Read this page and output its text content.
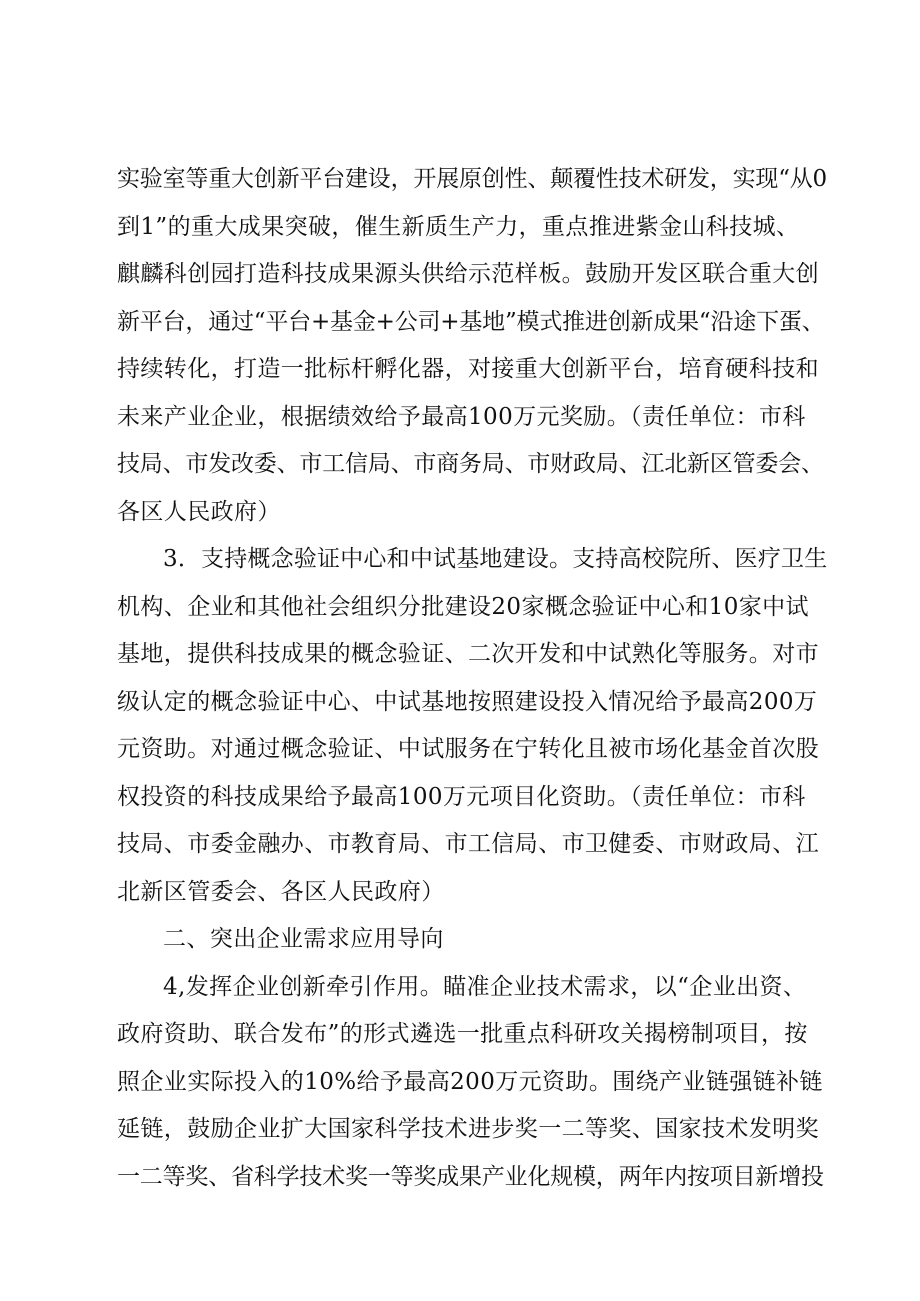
实验室等重大创新平台建设，开展原创性、颠覆性技术研发，实现“从0
到1”的重大成果突破，催生新质生产力，重点推进紫金山科技城、
麒麟科创园打造科技成果源头供给示范样板。鼓励开发区联合重大创
新平台，通过“平台+基金+公司+基地”模式推进创新成果“沿途下蛋、
持续转化，打造一批标杆孵化器，对接重大创新平台，培育硬科技和
未来产业企业，根据绩效给予最高100万元奖励。（责任单位：市科
技局、市发改委、市工信局、市商务局、市财政局、江北新区管委会、
各区人民政府）
3．支持概念验证中心和中试基地建设。支持高校院所、医疗卫生
机构、企业和其他社会组织分批建设20家概念验证中心和10家中试
基地，提供科技成果的概念验证、二次开发和中试熟化等服务。对市
级认定的概念验证中心、中试基地按照建设投入情况给予最高200万
元资助。对通过概念验证、中试服务在宁转化且被市场化基金首次股
权投资的科技成果给予最高100万元项目化资助。（责任单位：市科
技局、市委金融办、市教育局、市工信局、市卫健委、市财政局、江
北新区管委会、各区人民政府）
二、突出企业需求应用导向
4,发挥企业创新牵引作用。瞄准企业技术需求，以“企业出资、
政府资助、联合发布”的形式遴选一批重点科研攻关揭榜制项目，按
照企业实际投入的10%给予最高200万元资助。围绕产业链强链补链
延链，鼓励企业扩大国家科学技术进步奖一二等奖、国家技术发明奖
一二等奖、省科学技术奖一等奖成果产业化规模，两年内按项目新增投
